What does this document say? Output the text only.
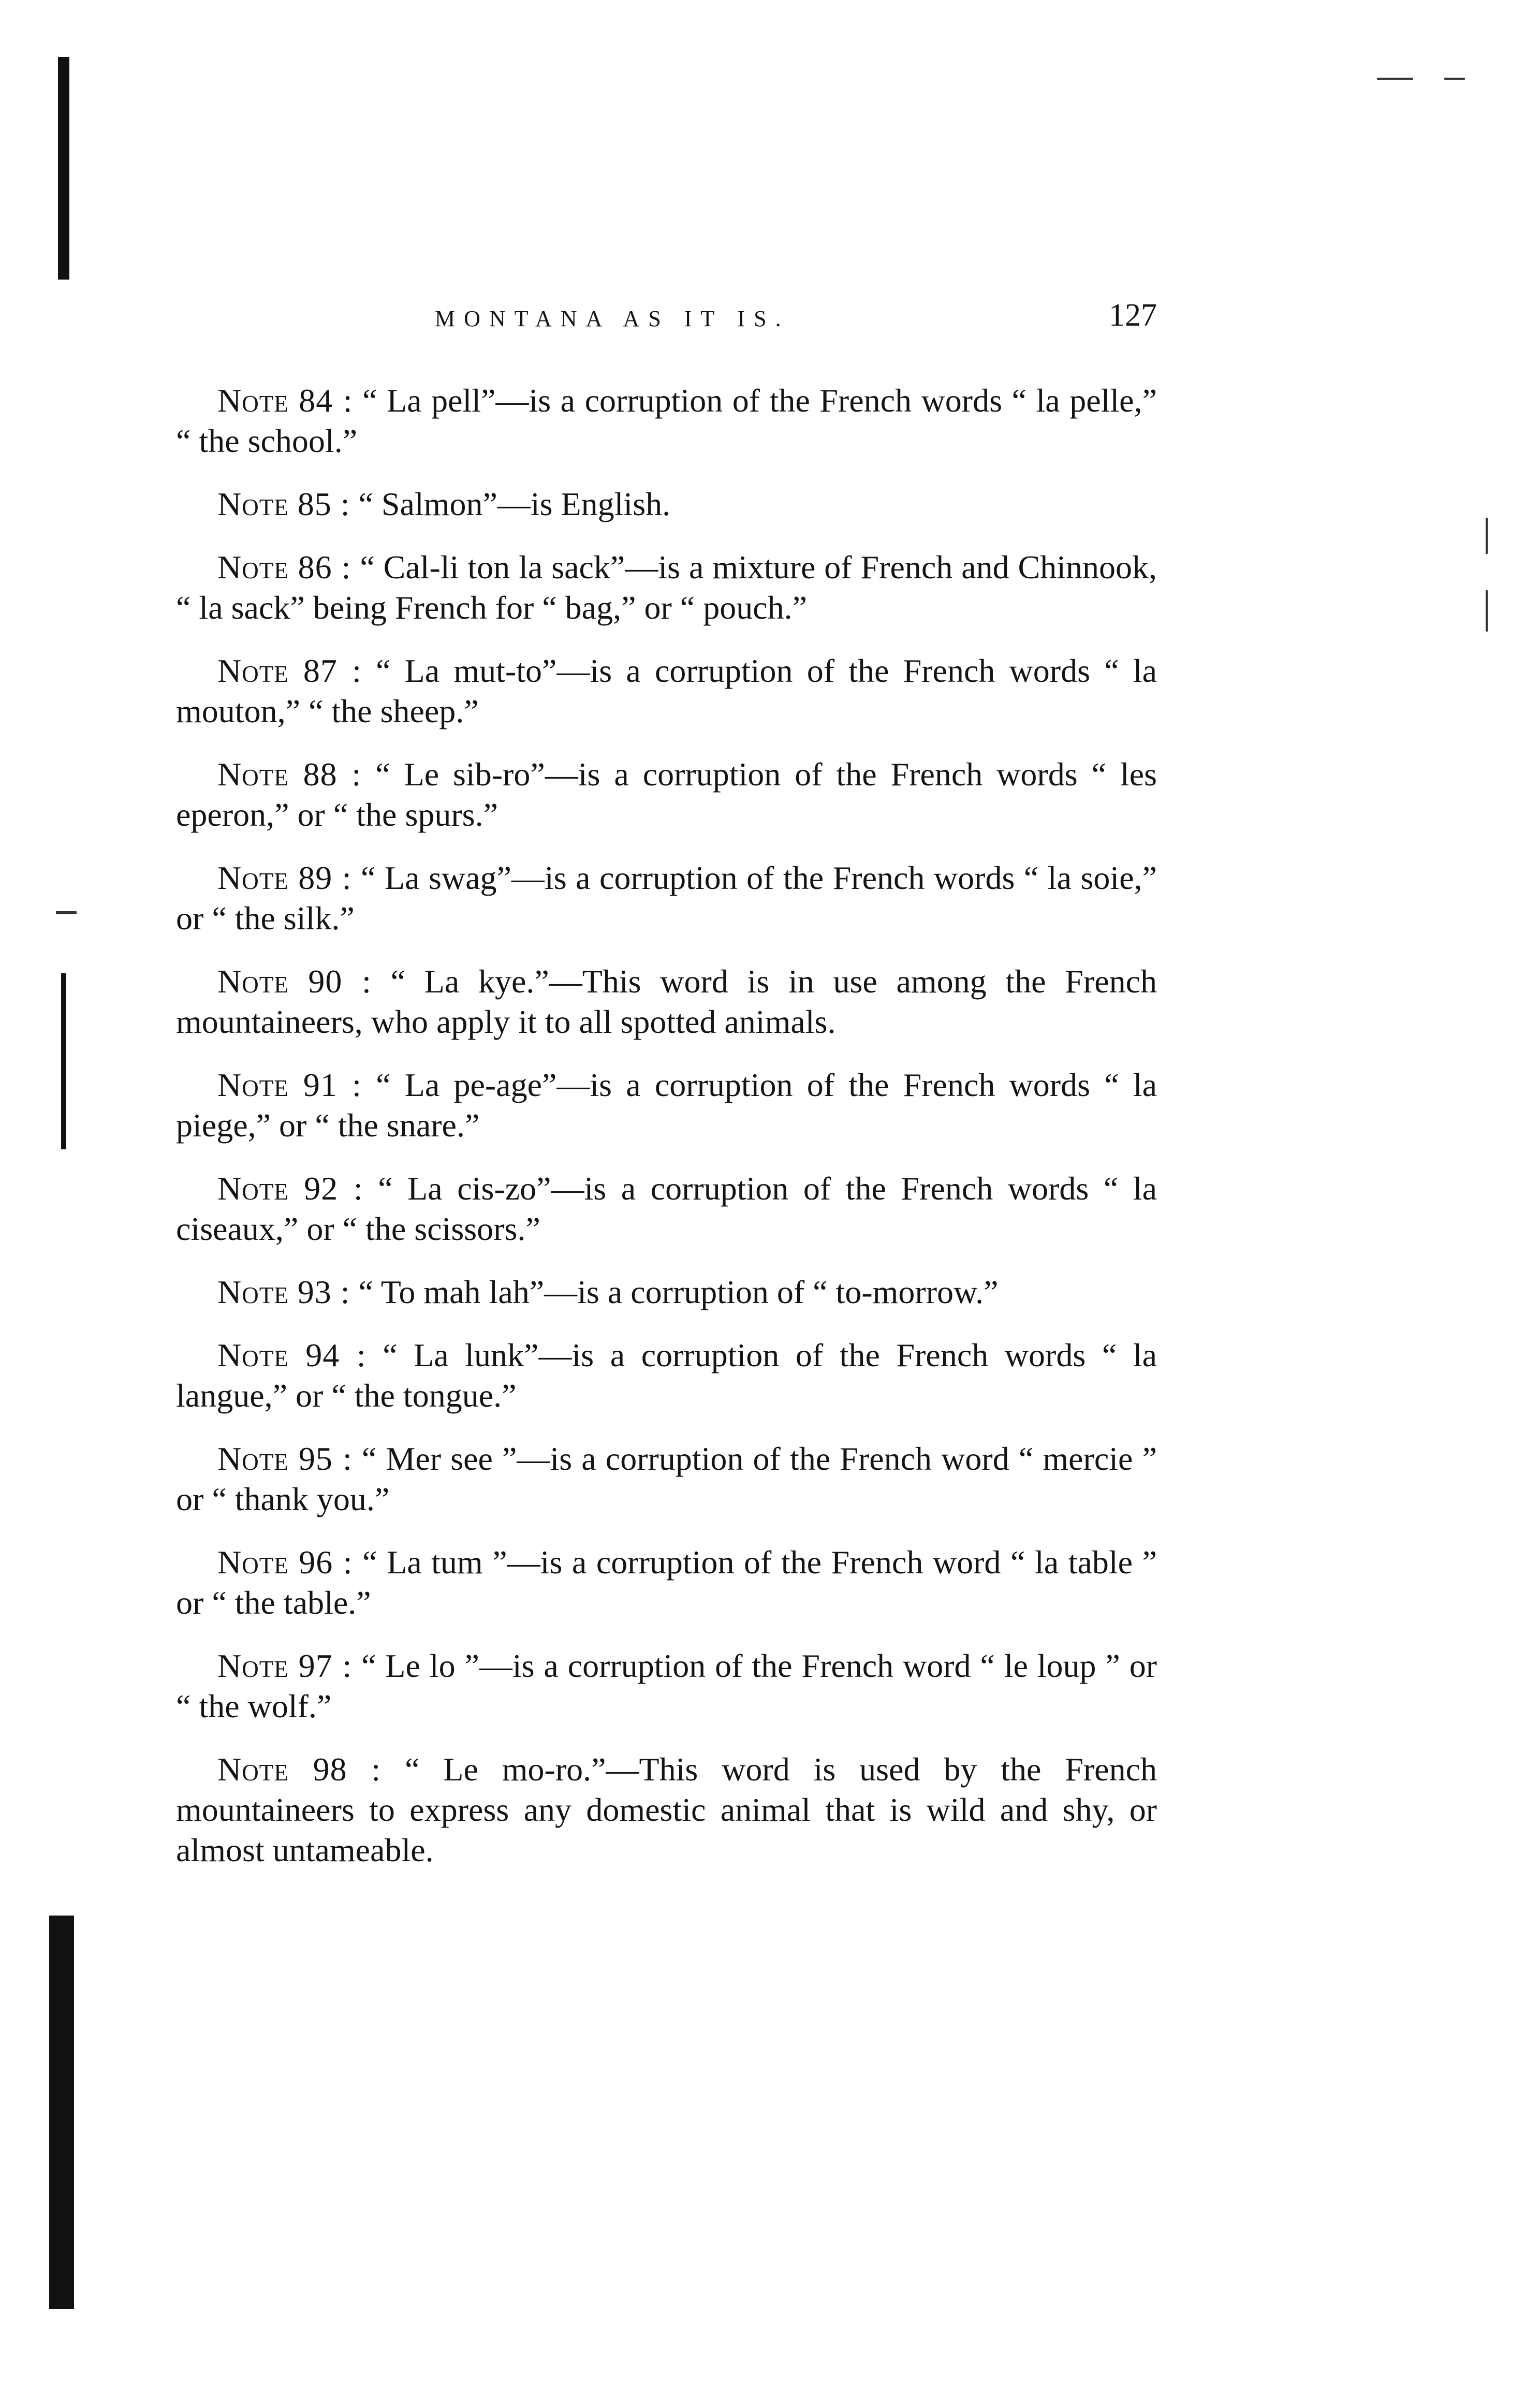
MONTANA AS IT IS.	127

Note 84 : “ La pell”—is a corruption of the French words “ la pelle,” “ the school.”

Note 85 : “ Salmon”—is English.

Note 86 : “ Cal-li ton la sack”—is a mixture of French and Chinnook, “ la sack” being French for “ bag,” or “ pouch.”

Note 87 : “ La mut-to”—is a corruption of the French words “ la mouton,” “ the sheep.”

Note 88 : “ Le sib-ro”—is a corruption of the French words “ les eperon,” or “ the spurs.”

Note 89 : “ La swag”—is a corruption of the French words “ la soie,” or “ the silk.”

Note 90 : “ La kye.”—This word is in use among the French mountaineers, who apply it to all spotted animals.

Note 91 : “ La pe-age”—is a corruption of the French words “ la piege,” or “ the snare.”

Note 92 : “ La cis-zo”—is a corruption of the French words “ la ciseaux,” or “ the scissors.”

Note 93 : “ To mah lah”—is a corruption of “ to-morrow.”

Note 94 : “ La lunk”—is a corruption of the French words “ la langue,” or “ the tongue.”

Note 95 : “ Mer see ”—is a corruption of the French word “ mercie ” or “ thank you.”

Note 96 : “ La tum ”—is a corruption of the French word “ la table ” or “ the table.”

Note 97 : “ Le lo ”—is a corruption of the French word “ le loup ” or “ the wolf.”

Note 98 : “ Le mo-ro.”—This word is used by the French mountaineers to express any domestic animal that is wild and shy, or almost untameable.
